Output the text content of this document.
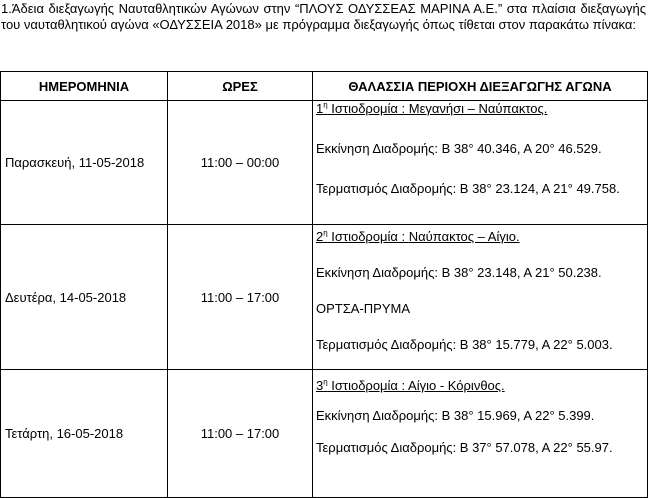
1.Άδεια διεξαγωγής Ναυταθλητικών Αγώνων στην “ΠΛΟΥΣ ΟΔΥΣΣΕΑΣ ΜΑΡΙΝΑ Α.Ε.” στα πλαίσια διεξαγωγής του ναυταθλητικού αγώνα «ΟΔΥΣΣΕΙΑ 2018» με πρόγραμμα διεξαγωγής όπως τίθεται στον παρακάτω πίνακα:
ΗΜΕΡΟΜΗΝΙΑ	ΩΡΕΣ	ΘΑΛΑΣΣΙΑ ΠΕΡΙΟΧΗ ΔΙΕΞΑΓΩΓΗΣ ΑΓΩΝΑ
Παρασκευή, 11-05-2018	11:00 – 00:00	$1^\eta$ Ιστιοδρομία : Μεγανήσι – Ναύπακτος.

Εκκίνηση Διαδρομής: Β 38° 40.346, Α 20° 46.529.

Τερματισμός Διαδρομής: Β 38° 23.124, Α 21° 49.758.

Δευτέρα, 14-05-2018	11:00 – 17:00	$2^\eta$ Ιστιοδρομία : Ναύπακτος – Αίγιο.

Εκκίνηση Διαδρομής: Β 38° 23.148, Α 21° 50.238.

ΟΡΤΣΑ-ΠΡΥΜΑ

Τερματισμός Διαδρομής: Β 38° 15.779, Α 22° 5.003.

Τετάρτη, 16-05-2018	11:00 – 17:00	$3^\eta$ Ιστιοδρομία : Αίγιο - Κόρινθος.

Εκκίνηση Διαδρομής: Β 38° 15.969, Α 22° 5.399.

Τερματισμός Διαδρομής: Β 37° 57.078, Α 22° 55.97.
